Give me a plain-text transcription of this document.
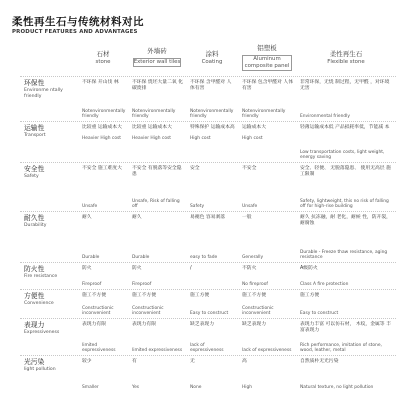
柔性再生石与传统材料对比
PRODUCT FEATURES AND ADVANTAGES
石材
stone
外墙砖
Exterior wall tiles
涂料
Coating
铝塑板
Aluminum composite panel
柔性再生石
Flexible stone
环保性
Environme ntally friendly
不环保 开山伐 林
Notenvironmentally friendly
不环保 烧坯大量二氧 化碳废排
Notenvironmentally friendly
不环保 含甲醛对 人体有害
Notenvironmentally friendly
不环保 包含甲醛对 人体有害
Notenvironmentally friendly
非常环保，无烧 制过程，无甲醛 ，对环境无害
Environmental friendly
运输性
Transport
比较重 运输成本大
Heavier High cost
比较重 运输成本大
Heavier High cost
特殊保护 运输成本高
High cost
运输成本大
High cost
轻薄运输成本低 产品损耗率低，节能减 本
Low transportation costs, light weight, energy saving
安全性
Safety
不安全 施工难度大
Unsafe
不安全 有脱落等安全隐患
Unsafe, Risk of falling off
安全
Safety
不安全
Unsafe
安全、轻便、 无脱落隐患、 使用无高层 施工限制
Safety, lightweight, this no risk of falling off for high-rise building
耐久性
Durability
耐久
Durable
耐久
Durable
易褪色 容易剥落
easy to fade
一般
Generally
耐久 抗冻融，耐 老化，耐候 性，防开裂， 耐腐蚀
Durable - Freeze thaw resistance, aging resistance
防火性
Fire resistance
防火
Fireproof
防火
Fireproof
/	不防火
No fireproof
A级防火
Class A fire protection
方便性
Convenience
施工不方便
Constructionic inconvenient
施工不方便
Constructionic inconvenient
施工方便
Easy to construct
施工不方便
Constructionic inconvenient
施工方便
Easy to construct
表现力
Expressiveness
表现力有限
limited expressiveness
表现力有限
limited expressiveness
缺乏表现力
lack of expressiveness
缺乏表现力
lack of expressiveness
表现力丰富 可以仿石材， 木纹，金属等 丰富表现力
Rich performance, imitation of stone, wood, leather, metal
光污染
light pollution
较少
Smaller
有
Yes
无
None
高
High
自然质朴无光污染
Natural texture, no light pollution
